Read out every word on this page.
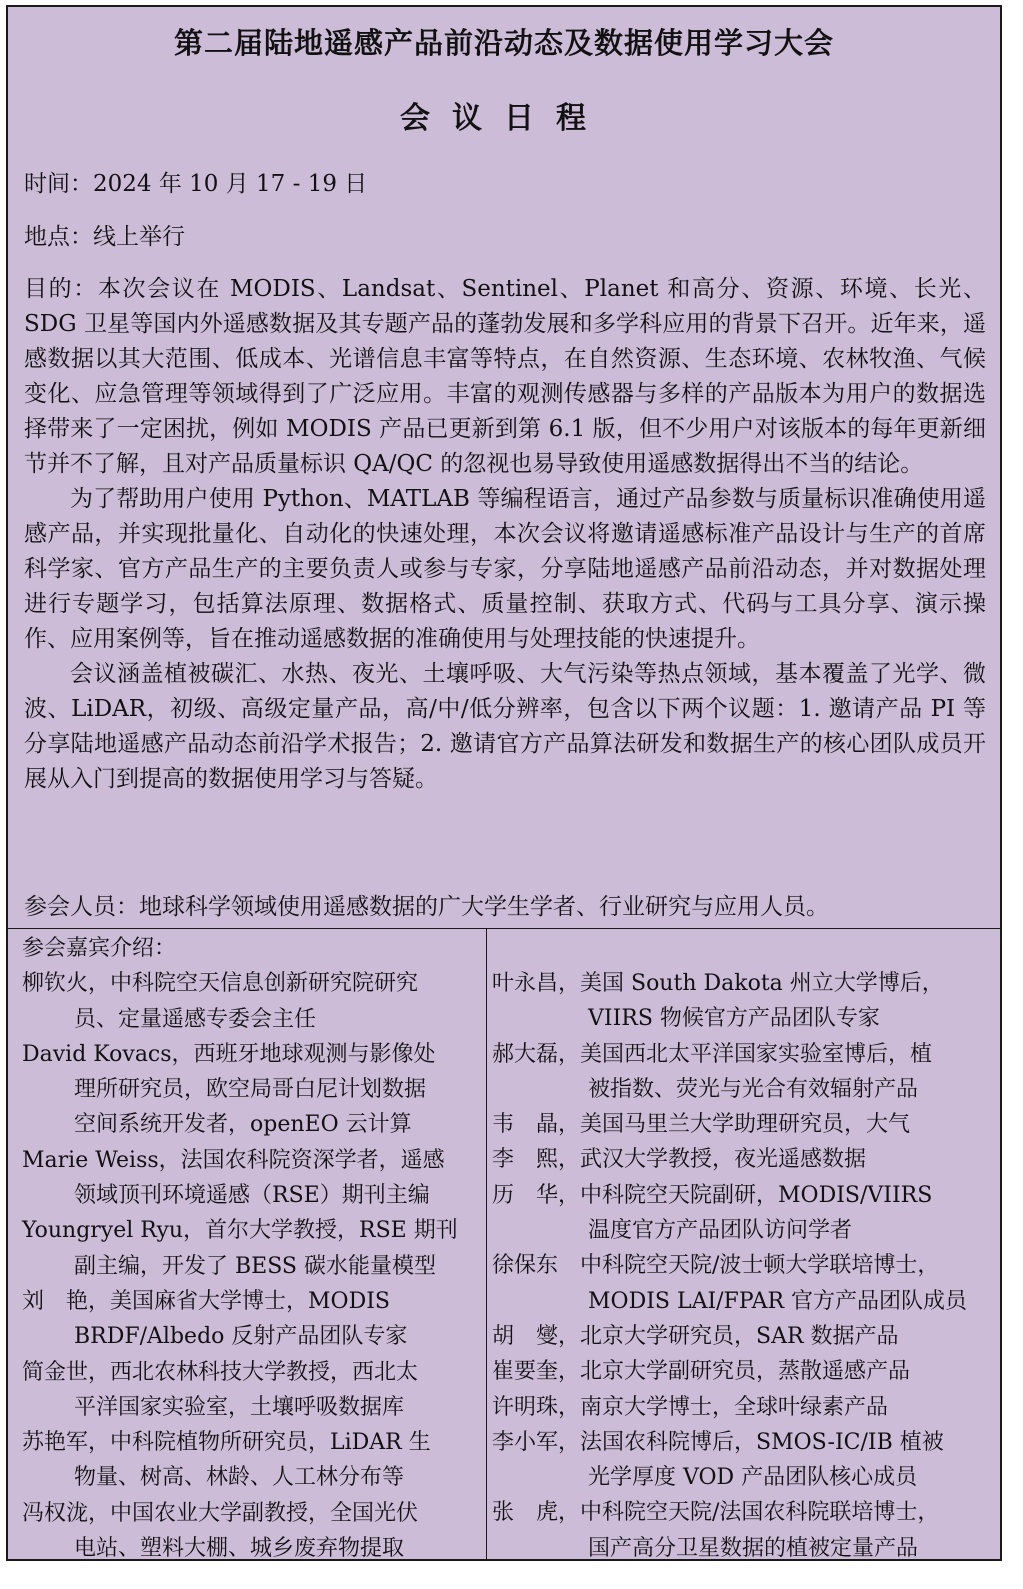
第二届陆地遥感产品前沿动态及数据使用学习大会
会议日程
时间：2024 年 10 月 17 - 19 日
地点：线上举行

目的：本次会议在 MODIS、Landsat、Sentinel、Planet 和高分、资源、环境、长光、SDG 卫星等国内外遥感数据及其专题产品的蓬勃发展和多学科应用的背景下召开。近年来，遥感数据以其大范围、低成本、光谱信息丰富等特点，在自然资源、生态环境、农林牧渔、气候变化、应急管理等领域得到了广泛应用。丰富的观测传感器与多样的产品版本为用户的数据选择带来了一定困扰，例如 MODIS 产品已更新到第 6.1 版，但不少用户对该版本的每年更新细节并不了解，且对产品质量标识 QA/QC 的忽视也易导致使用遥感数据得出不当的结论。

为了帮助用户使用 Python、MATLAB 等编程语言，通过产品参数与质量标识准确使用遥感产品，并实现批量化、自动化的快速处理，本次会议将邀请遥感标准产品设计与生产的首席科学家、官方产品生产的主要负责人或参与专家，分享陆地遥感产品前沿动态，并对数据处理进行专题学习，包括算法原理、数据格式、质量控制、获取方式、代码与工具分享、演示操作、应用案例等，旨在推动遥感数据的准确使用与处理技能的快速提升。

会议涵盖植被碳汇、水热、夜光、土壤呼吸、大气污染等热点领域，基本覆盖了光学、微波、LiDAR，初级、高级定量产品，高/中/低分辨率，包含以下两个议题：1. 邀请产品 PI 等分享陆地遥感产品动态前沿学术报告；2. 邀请官方产品算法研发和数据生产的核心团队成员开展从入门到提高的数据使用学习与答疑。

参会人员：地球科学领域使用遥感数据的广大学生学者、行业研究与应用人员。
参会嘉宾介绍：
柳钦火，中科院空天信息创新研究院研究
员、定量遥感专委会主任
David Kovacs，西班牙地球观测与影像处
理所研究员，欧空局哥白尼计划数据
空间系统开发者，openEO 云计算
Marie Weiss，法国农科院资深学者，遥感
领域顶刊环境遥感（RSE）期刊主编
Youngryel Ryu，首尔大学教授，RSE 期刊
副主编，开发了 BESS 碳水能量模型
刘　艳，美国麻省大学博士，MODIS
BRDF/Albedo 反射产品团队专家
简金世，西北农林科技大学教授，西北太
平洋国家实验室，土壤呼吸数据库
苏艳军，中科院植物所研究员，LiDAR 生
物量、树高、林龄、人工林分布等
冯权泷，中国农业大学副教授，全国光伏
电站、塑料大棚、城乡废弃物提取
叶永昌，美国 South Dakota 州立大学博后，
VIIRS 物候官方产品团队专家
郝大磊，美国西北太平洋国家实验室博后，植
被指数、荧光与光合有效辐射产品
韦　晶，美国马里兰大学助理研究员，大气
李　熙，武汉大学教授，夜光遥感数据
历　华，中科院空天院副研，MODIS/VIIRS
温度官方产品团队访问学者
徐保东　中科院空天院/波士顿大学联培博士，
MODIS LAI/FPAR 官方产品团队成员
胡　燮，北京大学研究员，SAR 数据产品
崔要奎，北京大学副研究员，蒸散遥感产品
许明珠，南京大学博士，全球叶绿素产品
李小军，法国农科院博后，SMOS-IC/IB 植被
光学厚度 VOD 产品团队核心成员
张　虎，中科院空天院/法国农科院联培博士，
国产高分卫星数据的植被定量产品
